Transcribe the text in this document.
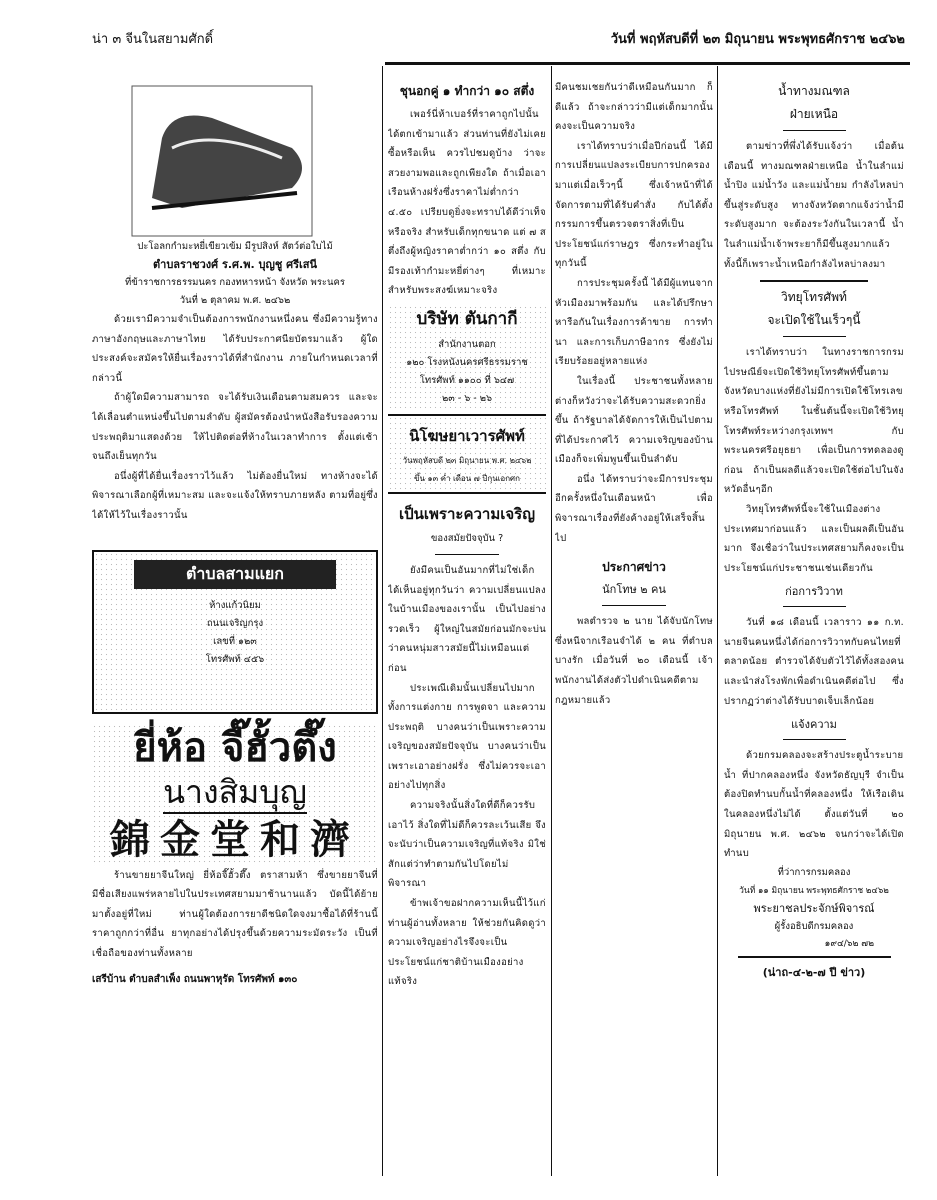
น่า ๓ จีนในสยามศักดิ์	วันที่ พฤหัสบดีที่ ๒๓ มิถุนายน พระพุทธศักราช ๒๔๖๒
ปะโอลกกำมะหยี่เขียวเข้ม มีรูปสิงห์ สัตว์ต่อใบไม้
ตำบลราชวงศ์ ร.ศ.พ. บุญชู ศรีเสนี
ที่ข้าราชการธรรมนคร กองทหารหน้า จังหวัด พระนคร
วันที่ ๒ ตุลาคม พ.ศ. ๒๔๖๒

ด้วยเรามีความจำเป็นต้องการพนักงานหนึ่งคน ซึ่งมีความรู้ทางภาษาอังกฤษและภาษาไทย ได้รับประกาศนียบัตรมาแล้ว ผู้ใดประสงค์จะสมัครให้ยื่นเรื่องราวได้ที่สำนักงาน ภายในกำหนดเวลาที่กล่าวนี้

ถ้าผู้ใดมีความสามารถ จะได้รับเงินเดือนตามสมควร และจะได้เลื่อนตำแหน่งขึ้นไปตามลำดับ ผู้สมัครต้องนำหนังสือรับรองความประพฤติมาแสดงด้วย ให้ไปติดต่อที่ห้างในเวลาทำการ ตั้งแต่เช้าจนถึงเย็นทุกวัน

อนึ่งผู้ที่ได้ยื่นเรื่องราวไว้แล้ว ไม่ต้องยื่นใหม่ ทางห้างจะได้พิจารณาเลือกผู้ที่เหมาะสม และจะแจ้งให้ทราบภายหลัง ตามที่อยู่ซึ่งได้ให้ไว้ในเรื่องราวนั้น

ตำบลสามแยก
ห้างแก้วนิยม
ถนนเจริญกรุง
เลขที่ ๑๒๓
โทรศัพท์ ๔๕๖
ยี่ห้อ จี๊ฮั้วตึ๊ง
นางสิมบุญ
錦金堂和濟

ร้านขายยาจีนใหญ่ ยี่ห้อจี๊ฮั้วตึ๊ง ตราสามห้า ซึ่งขายยาจีนที่มีชื่อเสียงแพร่หลายไปในประเทศสยามมาช้านานแล้ว บัดนี้ได้ย้ายมาตั้งอยู่ที่ใหม่ ท่านผู้ใดต้องการยาดีชนิดใดจงมาซื้อได้ที่ร้านนี้ ราคาถูกกว่าที่อื่น ยาทุกอย่างได้ปรุงขึ้นด้วยความระมัดระวัง เป็นที่เชื่อถือของท่านทั้งหลาย

เสรีบ้าน ตำบลสำเพ็ง ถนนพาหุรัด โทรศัพท์ ๑๓๐
ชุนอกคู่ ๑ ทำกว่า ๑๐ สตึ่ง

เพอร์นี่ห้าเบอร์ที่ราคาถูกไปนั้นได้ตกเข้ามาแล้ว ส่วนท่านที่ยังไม่เคยซื้อหรือเห็น ควรไปชมดูบ้าง ว่าจะสวยงามพอและถูกเพียงใด ถ้าเมื่อเอาเรือนห้างฝรั่งซึ่งราคาไม่ต่ำกว่า ๔.๕๐ เปรียบดูยิ่งจะทราบได้ดีว่าเท็จหรือจริง สำหรับเด็กทุกขนาด แต่ ๗ สตึ่งถึงผู้หญิงราคาต่ำกว่า ๑๐ สตึ่ง กับมีรองเท้ากำมะหยี่ต่างๆ ที่เหมาะสำหรับพระสงฆ์เหมาะจริง

บริษัท ตันกากี
สำนักงานตอก
๑๒๐ โรงหนังนครศรีธรรมราช
โทรศัพท์ ๑๑๐๐ ที่ ๖๔๗
๒๓ - ๖ - ๒๖
นิโฆษยาเวารศัพท์
วันพฤหัสบดี ๒๓ มิถุนายน พ.ศ. ๒๔๖๒
ขึ้น ๑๓ ค่ำ เดือน ๗ ปีกุนเอกศก
เป็นเพราะความเจริญ
ของสมัยปัจจุบัน ?

ยังมีคนเป็นอันมากที่ไม่ใช่เด็กได้เห็นอยู่ทุกวันว่า ความเปลี่ยนแปลงในบ้านเมืองของเรานั้น เป็นไปอย่างรวดเร็ว ผู้ใหญ่ในสมัยก่อนมักจะบ่นว่าคนหนุ่มสาวสมัยนี้ไม่เหมือนแต่ก่อน

ประเพณีเดิมนั้นเปลี่ยนไปมาก ทั้งการแต่งกาย การพูดจา และความประพฤติ บางคนว่าเป็นเพราะความเจริญของสมัยปัจจุบัน บางคนว่าเป็นเพราะเอาอย่างฝรั่ง ซึ่งไม่ควรจะเอาอย่างไปทุกสิ่ง

ความจริงนั้นสิ่งใดที่ดีก็ควรรับเอาไว้ สิ่งใดที่ไม่ดีก็ควรละเว้นเสีย จึงจะนับว่าเป็นความเจริญที่แท้จริง มิใช่สักแต่ว่าทำตามกันไปโดยไม่พิจารณา

ข้าพเจ้าขอฝากความเห็นนี้ไว้แก่ท่านผู้อ่านทั้งหลาย ให้ช่วยกันคิดดูว่า ความเจริญอย่างไรจึงจะเป็นประโยชน์แก่ชาติบ้านเมืองอย่างแท้จริง

มีคนชมเชยกันว่าดีเหมือนกันมาก ก็ดีแล้ว ถ้าจะกล่าวว่ามีแต่เด็กมากนั้นคงจะเป็นความจริง

เราได้ทราบว่าเมื่อปีก่อนนี้ ได้มีการเปลี่ยนแปลงระเบียบการปกครองมาแต่เมื่อเร็วๆนี้ ซึ่งเจ้าหน้าที่ได้จัดการตามที่ได้รับคำสั่ง กับได้ตั้งกรรมการขึ้นตรวจตราสิ่งที่เป็นประโยชน์แก่ราษฎร ซึ่งกระทำอยู่ในทุกวันนี้

การประชุมครั้งนี้ ได้มีผู้แทนจากหัวเมืองมาพร้อมกัน และได้ปรึกษาหารือกันในเรื่องการค้าขาย การทำนา และการเก็บภาษีอากร ซึ่งยังไม่เรียบร้อยอยู่หลายแห่ง

ในเรื่องนี้ ประชาชนทั้งหลายต่างก็หวังว่าจะได้รับความสะดวกยิ่งขึ้น ถ้ารัฐบาลได้จัดการให้เป็นไปตามที่ได้ประกาศไว้ ความเจริญของบ้านเมืองก็จะเพิ่มพูนขึ้นเป็นลำดับ

อนึ่ง ได้ทราบว่าจะมีการประชุมอีกครั้งหนึ่งในเดือนหน้า เพื่อพิจารณาเรื่องที่ยังค้างอยู่ให้เสร็จสิ้นไป

ประกาศข่าว
นักโทษ ๒ คน

พลตำรวจ ๒ นาย ได้จับนักโทษซึ่งหนีจากเรือนจำได้ ๒ คน ที่ตำบลบางรัก เมื่อวันที่ ๒๐ เดือนนี้ เจ้าพนักงานได้ส่งตัวไปดำเนินคดีตามกฎหมายแล้ว

น้ำทางมณฑล
ฝ่ายเหนือ

ตามข่าวที่พึ่งได้รับแจ้งว่า เมื่อต้นเดือนนี้ ทางมณฑลฝ่ายเหนือ น้ำในลำแม่น้ำปิง แม่น้ำวัง และแม่น้ำยม กำลังไหลบ่าขึ้นสู่ระดับสูง ทางจังหวัดตากแจ้งว่าน้ำมีระดับสูงมาก จะต้องระวังกันในเวลานี้ น้ำในลำแม่น้ำเจ้าพระยาก็มีขึ้นสูงมากแล้ว ทั้งนี้ก็เพราะน้ำเหนือกำลังไหลบ่าลงมา

วิทยุโทรศัพท์
จะเปิดใช้ในเร็วๆนี้

เราได้ทราบว่า ในทางราชการกรมไปรษณีย์จะเปิดใช้วิทยุโทรศัพท์ขึ้นตามจังหวัดบางแห่งที่ยังไม่มีการเปิดใช้โทรเลขหรือโทรศัพท์ ในชั้นต้นนี้จะเปิดใช้วิทยุโทรศัพท์ระหว่างกรุงเทพฯ กับพระนครศรีอยุธยา เพื่อเป็นการทดลองดูก่อน ถ้าเป็นผลดีแล้วจะเปิดใช้ต่อไปในจังหวัดอื่นๆอีก

วิทยุโทรศัพท์นี้จะใช้ในเมืองต่างประเทศมาก่อนแล้ว และเป็นผลดีเป็นอันมาก จึงเชื่อว่าในประเทศสยามก็คงจะเป็นประโยชน์แก่ประชาชนเช่นเดียวกัน

ก่อการวิวาท

วันที่ ๑๘ เดือนนี้ เวลาราว ๑๑ ก.ท. นายจีนคนหนึ่งได้ก่อการวิวาทกับคนไทยที่ตลาดน้อย ตำรวจได้จับตัวไว้ได้ทั้งสองคน และนำส่งโรงพักเพื่อดำเนินคดีต่อไป ซึ่งปรากฏว่าต่างได้รับบาดเจ็บเล็กน้อย

แจ้งความ

ด้วยกรมคลองจะสร้างประตูน้ำระบายน้ำ ที่ปากคลองหนึ่ง จังหวัดธัญบุรี จำเป็นต้องปิดทำนบกั้นน้ำที่คลองหนึ่ง ให้เรือเดินในคลองหนึ่งไม่ได้ ตั้งแต่วันที่ ๒๐ มิถุนายน พ.ศ. ๒๔๖๒ จนกว่าจะได้เปิดทำนบ

ที่ว่าการกรมคลอง
วันที่ ๑๑ มิถุนายน พระพุทธศักราช ๒๔๖๒
พระยาชลประจักษ์พิจารณ์
ผู้รั้งอธิบดีกรมคลอง
๑๙๔/๖๒ ๗๒
(น่าถ-๔-๒-๗ ปี ข่าว)
